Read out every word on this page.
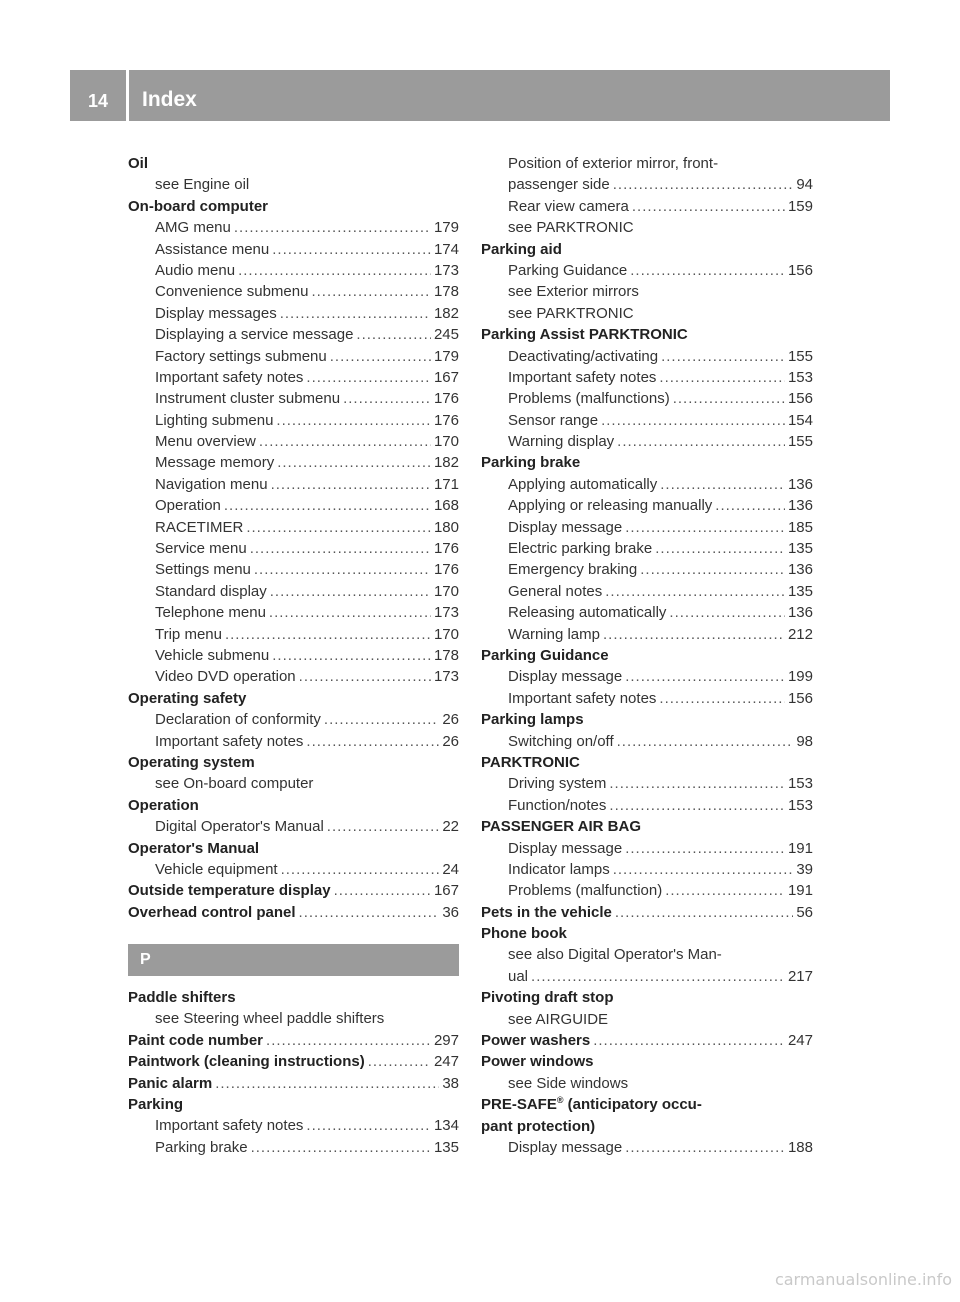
14	Index
Oil
see Engine oil
On-board computer
AMG menu .....	179
Assistance menu .....	174
Audio menu .....	173
Convenience submenu .....	178
Display messages .....	182
Displaying a service message .....	245
Factory settings submenu .....	179
Important safety notes .....	167
Instrument cluster submenu .....	176
Lighting submenu .....	176
Menu overview .....	170
Message memory .....	182
Navigation menu .....	171
Operation .....	168
RACETIMER .....	180
Service menu .....	176
Settings menu .....	176
Standard display .....	170
Telephone menu .....	173
Trip menu .....	170
Vehicle submenu .....	178
Video DVD operation .....	173
Operating safety
Declaration of conformity .....	26
Important safety notes .....	26
Operating system
see On-board computer
Operation
Digital Operator's Manual .....	22
Operator's Manual
Vehicle equipment .....	24
Outside temperature display .....	167
Overhead control panel .....	36
P
Paddle shifters
see Steering wheel paddle shifters
Paint code number .....	297
Paintwork (cleaning instructions) .....	247
Panic alarm .....	38
Parking
Important safety notes .....	134
Parking brake .....	135
Position of exterior mirror, front-
passenger side .....	94
Rear view camera .....	159
see PARKTRONIC
Parking aid
Parking Guidance .....	156
see Exterior mirrors
see PARKTRONIC
Parking Assist PARKTRONIC
Deactivating/activating .....	155
Important safety notes .....	153
Problems (malfunctions) .....	156
Sensor range .....	154
Warning display .....	155
Parking brake
Applying automatically .....	136
Applying or releasing manually .....	136
Display message .....	185
Electric parking brake .....	135
Emergency braking .....	136
General notes .....	135
Releasing automatically .....	136
Warning lamp .....	212
Parking Guidance
Display message .....	199
Important safety notes .....	156
Parking lamps
Switching on/off .....	98
PARKTRONIC
Driving system .....	153
Function/notes .....	153
PASSENGER AIR BAG
Display message .....	191
Indicator lamps .....	39
Problems (malfunction) .....	191
Pets in the vehicle .....	56
Phone book
see also Digital Operator's Man-
ual .....	217
Pivoting draft stop
see AIRGUIDE
Power washers .....	247
Power windows
see Side windows
PRE-SAFE® (anticipatory occu-
pant protection)
Display message .....	188
carmanualsonline.info
